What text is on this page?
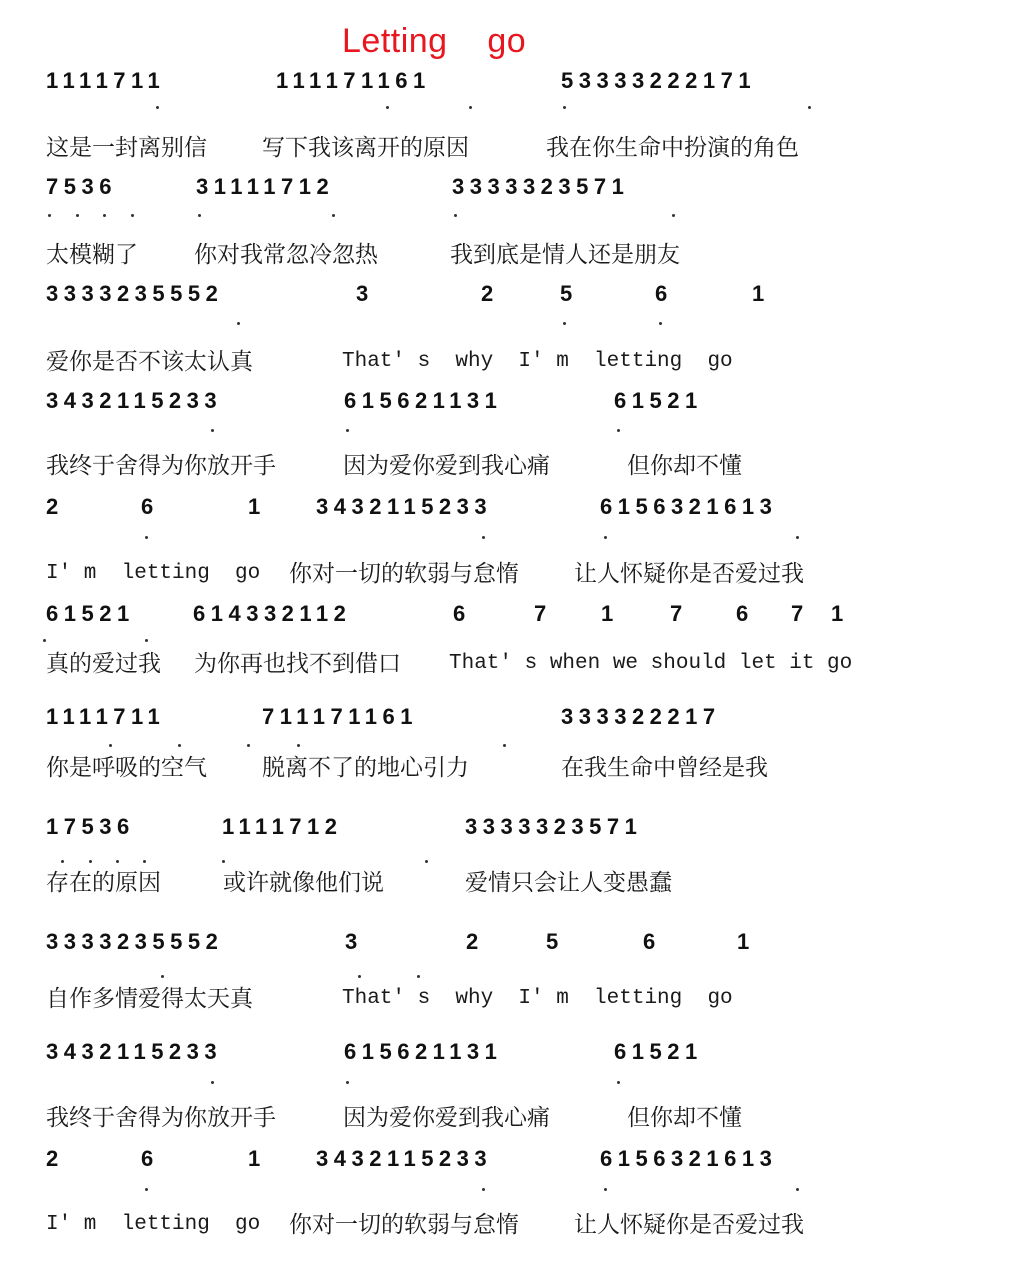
Letting    go
1111711	111171161	53333222171
这是一封离别信 写下我该离开的原因	我在你生命中扮演的角色
7536	31111712	3333323571
太模糊了 你对我常忽冷忽热	我到底是情人还是朋友
3333235552	3	2	5	6	1
爱你是否不该太认真	That' s  why  I' m  letting  go
3432115233	615621131	61521
我终于舍得为你放开手	因为爱你爱到我心痛	但你却不懂
2	6	1 3432115233	6156321613
I' m  letting  go 你对一切的软弱与怠惰 让人怀疑你是否爱过我
61521	614332112	6	7 1 7 6 7 1
真的爱过我 为你再也找不到借口 That' s when we should let it go
1111711	711171161	333322217
你是呼吸的空气 脱离不了的地心引力	在我生命中曾经是我
17536	1111712	3333323571
存在的原因	或许就像他们说	爱情只会让人变愚蠢
3333235552	3	2	5	6	1
自作多情爱得太天真	That' s  why  I' m  letting  go
3432115233	615621131	61521
我终于舍得为你放开手	因为爱你爱到我心痛	但你却不懂
2	6	1 3432115233	6156321613
I' m  letting  go 你对一切的软弱与怠惰 让人怀疑你是否爱过我
